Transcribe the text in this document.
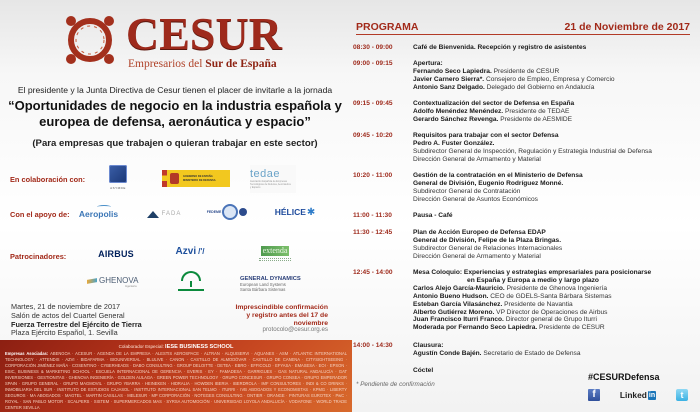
CESUR
Empresarios del Sur de España
El presidente y la Junta Directiva de Cesur tienen el placer de invitarle a la jornada
“Oportunidades de negocio en la industria española y
europea de defensa, aeronáutica y espacio”
(Para empresas que trabajen o quieran trabajar en este sector)
En colaboración con:
ASYMDE
GOBIERNO DE ESPAÑA
MINISTERIO DE DEFENSA	tedae
Asociación Española de Empresas Tecnológicas de Defensa, Aeronáutica y Espacio
Con el apoyo de: Aeropolis	FADA	FEDEME	HÉLICE ✱
Patrocinadores:	AIRBUS	Azvi /'/	extenda
GHENOVA
Ingeniería
GENERAL DYNAMICS
European Land Systems
Santa Bárbara Sistemas
Martes, 21 de noviembre de 2017
Salón de actos del Cuartel General
Fuerza Terrestre del Ejército de Tierra
Plaza Ejército Español, 1. Sevilla
Imprescindible confirmación
y registro antes del 17 de noviembre
protocolo@cesur.org.es
Colaborador Especial: IESE BUSINESS SCHOOL
Empresas Asociadas: ABENGOA · ACESUR · AGENDA DE LA EMPRESA · ALESTIS AEROSPACE · ALTRAN · ALQUISERVI · AQUANEX · ASM · ATLANTIC INTERNATIONAL TECHNOLOGY · ATTENDIS · AZVI · BIDAFARMA · BIOUNIVERSAL · BLULIVE · CANON · CASTILLO DE ALMODÓVAR · CASTILLO DE CANENA · CITYSIGHTSEEING · CORPORACIÓN JIMÉNEZ MAÑA · COSENTINO · CYBERHEADS · DABO CONSULTING · GROUP DELOITTE · DETEA · EBRO · EFFICOLD · EFYASA · EMASESA · EOI · EPSON · ESIC, BUSINESS & MARKETING SCHOOL · ESCUELA INTERNACIONAL DE GERENCIA · EVERIS · EY · FAMADESA · GARRIGUES · GAS NATURAL ANDALUCÍA · GAT INVERSIONES · GESTIONITAS · GHENOVA INGENIERÍA · GOLDEN AULAGA · GREEN POWER TECHNOLOGY · GRUPO CONCESUR · GRUPO CONSEA · GRUPO EMPERADOR SPAIN · GRUPO GENERAL · GRUPO MAGMOVIL · GRUPO YBARRA · HEINEKEN · HIDRALIA · HOWDEN IBERIA · IBERDROLA · IMF CONSULTORES · INDI & CO DRINKS · INMOBILIARIA DEL SUR · INSTITUTO DE ESTUDIOS CAJASOL · INSTITUTO INTERNACIONAL SAN TELMO · ITURRI · IVB ABOGADOS Y ECONOMISTAS · KPMG · LIBERTY SEGUROS · MA ABOGADOS · MAGTEL · MARTIN CASILLAS · MELESUR · MP CORPORACIÓN · NOTEGES CONSULTING · ONTIER · ORANGE · PINTURAS EUROTEX · PwC · ROYAL · SAN PABLO MOTOR · SCALPERS · SISTEM · SUPERMERCADOS MAS · SYRSA AUTOMOCIÓN · UNIVERSIDAD LOYOLA ANDALUCÍA · VODAFONE · WORLD TRADE CENTER SEVILLA
PROGRAMA	21 de Noviembre de 2017
08:30 - 09:00	Café de Bienvenida. Recepción y registro de asistentes
09:00 - 09:15	Apertura:
Fernando Seco Lapiedra. Presidente de CESUR
Javier Carnero Sierra*. Consejero de Empleo, Empresa y Comercio
Antonio Sanz Delgado. Delegado del Gobierno en Andalucía
09:15 - 09:45	Contextualización del sector de Defensa en España
Adolfo Menéndez Menéndez. Presidente de TEDAE
Gerardo Sánchez Revenga. Presidente de AESMIDE
09:45 - 10:20	Requisitos para trabajar con el sector Defensa
Pedro A. Fuster González.
Subdirector General de Inspección, Regulación y Estrategia Industrial de Defensa
Dirección General de Armamento y Material
10:20 - 11:00	Gestión de la contratación en el Ministerio de Defensa
General de División, Eugenio Rodríguez Monné.
Subdirector General de Contratación
Dirección General de Asuntos Económicos
11:00 - 11:30	Pausa - Café
11:30 - 12:45	Plan de Acción Europeo de Defensa EDAP
General de División, Felipe de la Plaza Bringas.
Subdirector General de Relaciones Internacionales
Dirección General de Armamento y Material
12:45 - 14:00	Mesa Coloquio: Experiencias y estrategias empresariales para posicionarse
en España y Europa a medio y largo plazo
Carlos Alejo García-Mauricio. Presidente de Ghenova Ingeniería
Antonio Bueno Hudson. CEO de GDELS-Santa Bárbara Sistemas
Esteban García Vilasánchez. Presidente de Navantia
Alberto Gutiérrez Moreno. VP Director de Operaciones de Airbus
Juan Francisco Iturri Franco. Director general de Grupo Iturri
Moderada por Fernando Seco Lapiedra. Presidente de CESUR
14:00 - 14:30	Clausura:
Agustín Conde Bajén. Secretario de Estado de Defensa
Cóctel
* Pendiente de confirmación
#CESURDefensa
f	Linked in	t
